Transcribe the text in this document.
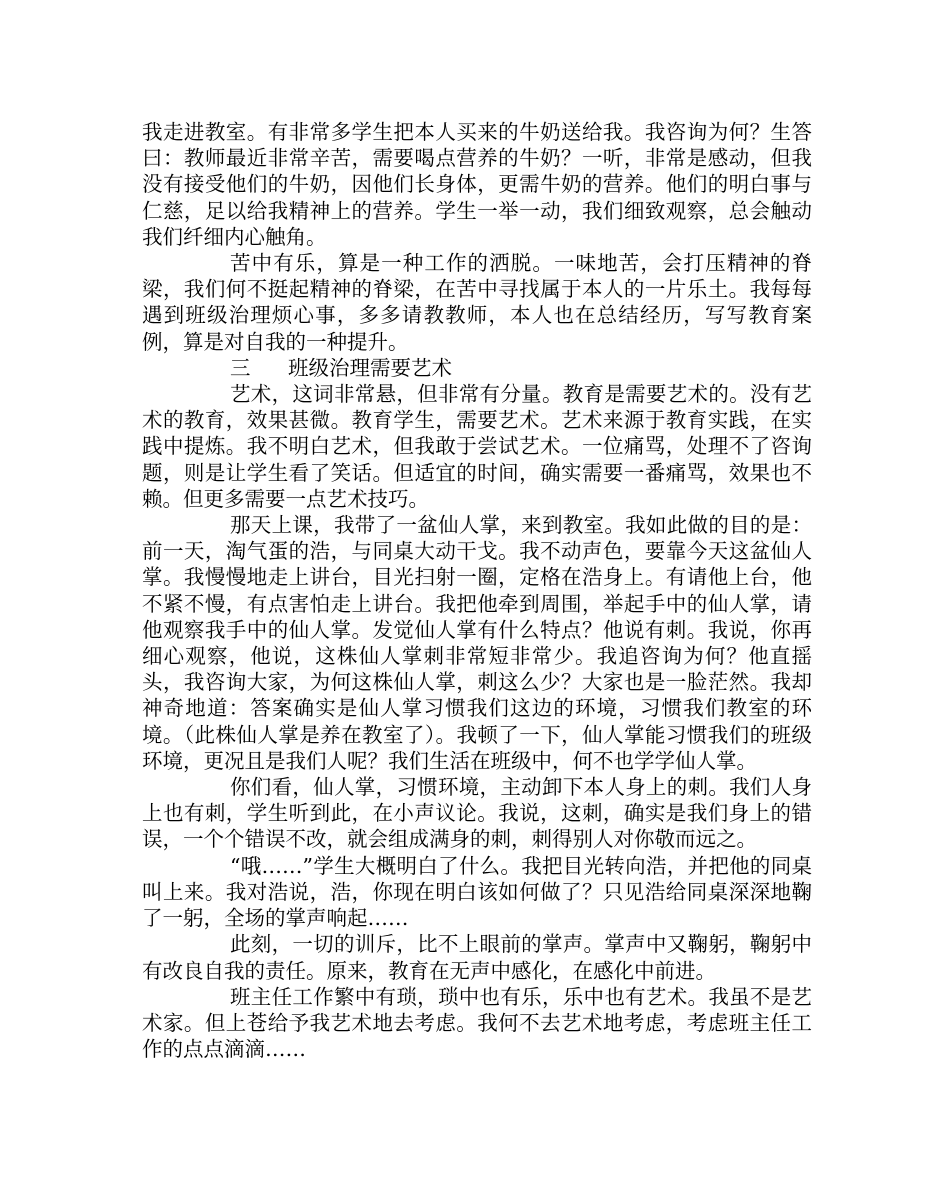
我走进教室。有非常多学生把本人买来的牛奶送给我。我咨询为何？生答曰：教师最近非常辛苦，需要喝点营养的牛奶？一听，非常是感动，但我没有接受他们的牛奶，因他们长身体，更需牛奶的营养。他们的明白事与仁慈，足以给我精神上的营养。学生一举一动，我们细致观察，总会触动我们纤细内心触角。

苦中有乐，算是一种工作的洒脱。一味地苦，会打压精神的脊梁，我们何不挺起精神的脊梁，在苦中寻找属于本人的一片乐土。我每每遇到班级治理烦心事，多多请教教师，本人也在总结经历，写写教育案例，算是对自我的一种提升。

三 班级治理需要艺术

艺术，这词非常悬，但非常有分量。教育是需要艺术的。没有艺术的教育，效果甚微。教育学生，需要艺术。艺术来源于教育实践，在实践中提炼。我不明白艺术，但我敢于尝试艺术。一位痛骂，处理不了咨询题，则是让学生看了笑话。但适宜的时间，确实需要一番痛骂，效果也不赖。但更多需要一点艺术技巧。

那天上课，我带了一盆仙人掌，来到教室。我如此做的目的是：前一天，淘气蛋的浩，与同桌大动干戈。我不动声色，要靠今天这盆仙人掌。我慢慢地走上讲台，目光扫射一圈，定格在浩身上。有请他上台，他不紧不慢，有点害怕走上讲台。我把他牵到周围，举起手中的仙人掌，请他观察我手中的仙人掌。发觉仙人掌有什么特点？他说有刺。我说，你再细心观察，他说，这株仙人掌刺非常短非常少。我追咨询为何？他直摇头，我咨询大家，为何这株仙人掌，刺这么少？大家也是一脸茫然。我却神奇地道：答案确实是仙人掌习惯我们这边的环境，习惯我们教室的环境。（此株仙人掌是养在教室了）。我顿了一下，仙人掌能习惯我们的班级环境，更况且是我们人呢？我们生活在班级中，何不也学学仙人掌。

你们看，仙人掌，习惯环境，主动卸下本人身上的刺。我们人身上也有刺，学生听到此，在小声议论。我说，这刺，确实是我们身上的错误，一个个错误不改，就会组成满身的刺，刺得别人对你敬而远之。

“哦……”学生大概明白了什么。我把目光转向浩，并把他的同桌叫上来。我对浩说，浩，你现在明白该如何做了？只见浩给同桌深深地鞠了一躬，全场的掌声响起……

此刻，一切的训斥，比不上眼前的掌声。掌声中又鞠躬，鞠躬中有改良自我的责任。原来，教育在无声中感化，在感化中前进。

班主任工作繁中有琐，琐中也有乐，乐中也有艺术。我虽不是艺术家。但上苍给予我艺术地去考虑。我何不去艺术地考虑，考虑班主任工作的点点滴滴……
